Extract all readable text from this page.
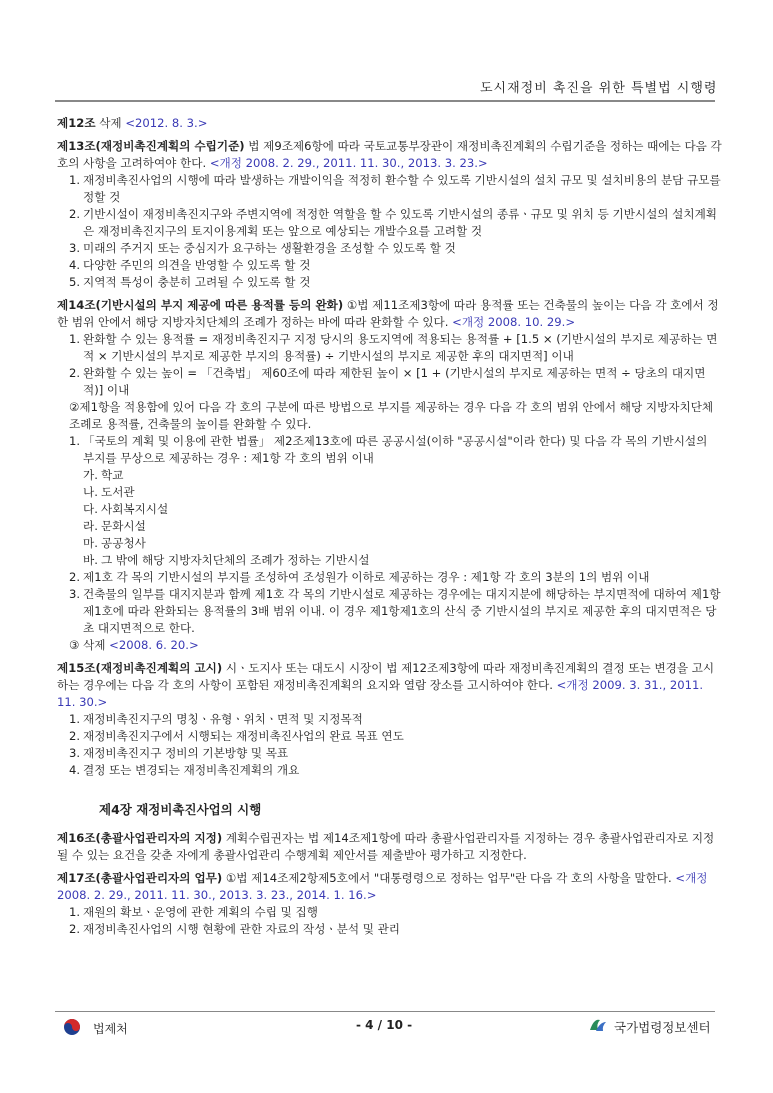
도시재정비 촉진을 위한 특별법 시행령

제12조 삭제 <2012. 8. 3.>

제13조(재정비촉진계획의 수립기준) 법 제9조제6항에 따라 국토교통부장관이 재정비촉진계획의 수립기준을 정하는 때에는 다음 각 호의 사항을 고려하여야 한다. <개정 2008. 2. 29., 2011. 11. 30., 2013. 3. 23.>

1. 재정비촉진사업의 시행에 따라 발생하는 개발이익을 적정히 환수할 수 있도록 기반시설의 설치 규모 및 설치비용의 분담 규모를 정할 것
2. 기반시설이 재정비촉진지구와 주변지역에 적정한 역할을 할 수 있도록 기반시설의 종류ㆍ규모 및 위치 등 기반시설의 설치계획은 재정비촉진지구의 토지이용계획 또는 앞으로 예상되는 개발수요를 고려할 것
3. 미래의 주거지 또는 중심지가 요구하는 생활환경을 조성할 수 있도록 할 것
4. 다양한 주민의 의견을 반영할 수 있도록 할 것
5. 지역적 특성이 충분히 고려될 수 있도록 할 것

제14조(기반시설의 부지 제공에 따른 용적률 등의 완화) ①법 제11조제3항에 따라 용적률 또는 건축물의 높이는 다음 각 호에서 정한 범위 안에서 해당 지방자치단체의 조례가 정하는 바에 따라 완화할 수 있다. <개정 2008. 10. 29.>

1. 완화할 수 있는 용적률 = 재정비촉진지구 지정 당시의 용도지역에 적용되는 용적률 + [1.5 × (기반시설의 부지로 제공하는 면적 × 기반시설의 부지로 제공한 부지의 용적률) ÷ 기반시설의 부지로 제공한 후의 대지면적] 이내
2. 완화할 수 있는 높이 = 「건축법」 제60조에 따라 제한된 높이 × [1 + (기반시설의 부지로 제공하는 면적 ÷ 당초의 대지면적)] 이내

②제1항을 적용함에 있어 다음 각 호의 구분에 따른 방법으로 부지를 제공하는 경우 다음 각 호의 범위 안에서 해당 지방자치단체 조례로 용적률, 건축물의 높이를 완화할 수 있다.

1. 「국토의 계획 및 이용에 관한 법률」 제2조제13호에 따른 공공시설(이하 "공공시설"이라 한다) 및 다음 각 목의 기반시설의 부지를 무상으로 제공하는 경우 : 제1항 각 호의 범위 이내
가. 학교
나. 도서관
다. 사회복지시설
라. 문화시설
마. 공공청사
바. 그 밖에 해당 지방자치단체의 조례가 정하는 기반시설
2. 제1호 각 목의 기반시설의 부지를 조성하여 조성원가 이하로 제공하는 경우 : 제1항 각 호의 3분의 1의 범위 이내
3. 건축물의 일부를 대지지분과 함께 제1호 각 목의 기반시설로 제공하는 경우에는 대지지분에 해당하는 부지면적에 대하여 제1항제1호에 따라 완화되는 용적률의 3배 범위 이내. 이 경우 제1항제1호의 산식 중 기반시설의 부지로 제공한 후의 대지면적은 당초 대지면적으로 한다.

③ 삭제 <2008. 6. 20.>

제15조(재정비촉진계획의 고시) 시ㆍ도지사 또는 대도시 시장이 법 제12조제3항에 따라 재정비촉진계획의 결정 또는 변경을 고시하는 경우에는 다음 각 호의 사항이 포함된 재정비촉진계획의 요지와 열람 장소를 고시하여야 한다. <개정 2009. 3. 31., 2011. 11. 30.>

1. 재정비촉진지구의 명칭ㆍ유형ㆍ위치ㆍ면적 및 지정목적
2. 재정비촉진지구에서 시행되는 재정비촉진사업의 완료 목표 연도
3. 재정비촉진지구 정비의 기본방향 및 목표
4. 결정 또는 변경되는 재정비촉진계획의 개요
제4장 재정비촉진사업의 시행

제16조(총괄사업관리자의 지정) 계획수립권자는 법 제14조제1항에 따라 총괄사업관리자를 지정하는 경우 총괄사업관리자로 지정될 수 있는 요건을 갖춘 자에게 총괄사업관리 수행계획 제안서를 제출받아 평가하고 지정한다.

제17조(총괄사업관리자의 업무) ①법 제14조제2항제5호에서 "대통령령으로 정하는 업무"란 다음 각 호의 사항을 말한다. <개정 2008. 2. 29., 2011. 11. 30., 2013. 3. 23., 2014. 1. 16.>

1. 재원의 확보ㆍ운영에 관한 계획의 수립 및 집행
2. 재정비촉진사업의 시행 현황에 관한 자료의 작성ㆍ분석 및 관리
법제처	- 4 / 10 -	국가법령정보센터
